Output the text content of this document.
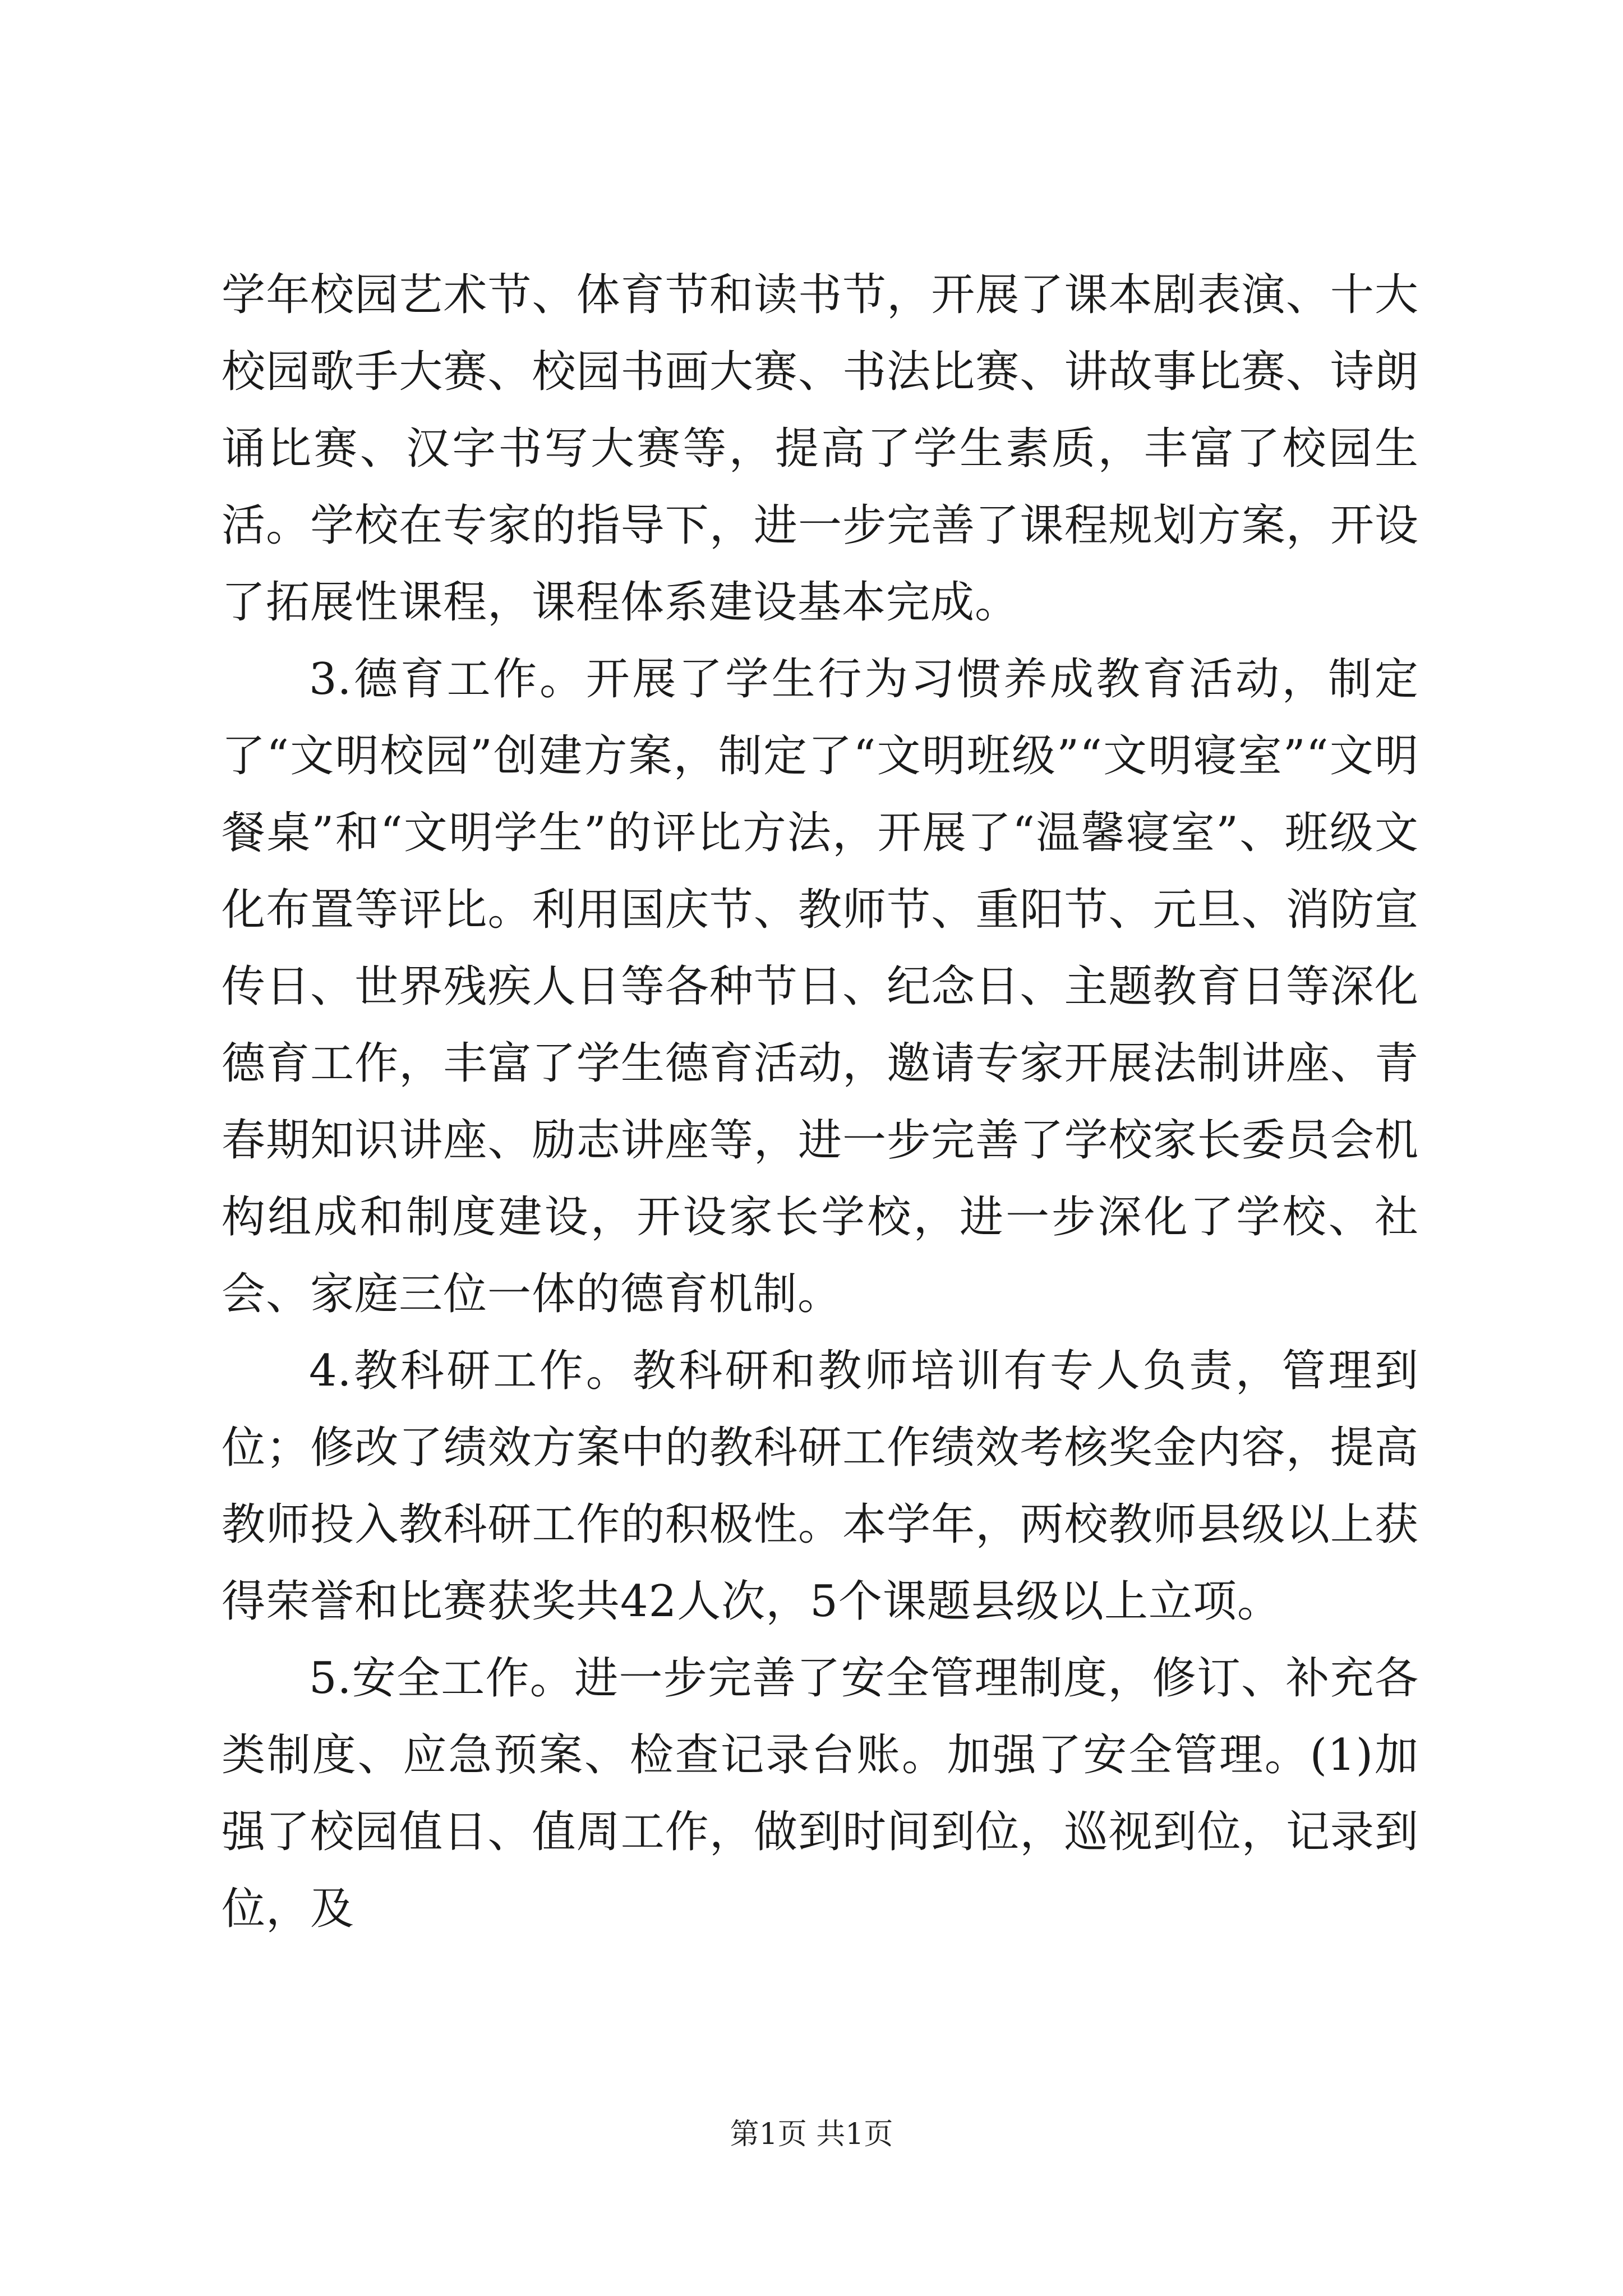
学年校园艺术节、体育节和读书节，开展了课本剧表演、十大校园歌手大赛、校园书画大赛、书法比赛、讲故事比赛、诗朗诵比赛、汉字书写大赛等，提高了学生素质，丰富了校园生活。学校在专家的指导下，进一步完善了课程规划方案，开设了拓展性课程，课程体系建设基本完成。

3.德育工作。开展了学生行为习惯养成教育活动，制定了“文明校园”创建方案，制定了“文明班级”“文明寝室”“文明餐桌”和“文明学生”的评比方法，开展了“温馨寝室”、班级文化布置等评比。利用国庆节、教师节、重阳节、元旦、消防宣传日、世界残疾人日等各种节日、纪念日、主题教育日等深化德育工作，丰富了学生德育活动，邀请专家开展法制讲座、青春期知识讲座、励志讲座等，进一步完善了学校家长委员会机构组成和制度建设，开设家长学校，进一步深化了学校、社会、家庭三位一体的德育机制。

4.教科研工作。教科研和教师培训有专人负责，管理到位；修改了绩效方案中的教科研工作绩效考核奖金内容，提高教师投入教科研工作的积极性。本学年，两校教师县级以上获得荣誉和比赛获奖共42人次，5个课题县级以上立项。

5.安全工作。进一步完善了安全管理制度，修订、补充各类制度、应急预案、检查记录台账。加强了安全管理。(1)加强了校园值日、值周工作，做到时间到位，巡视到位，记录到位，及

第1页 共1页
